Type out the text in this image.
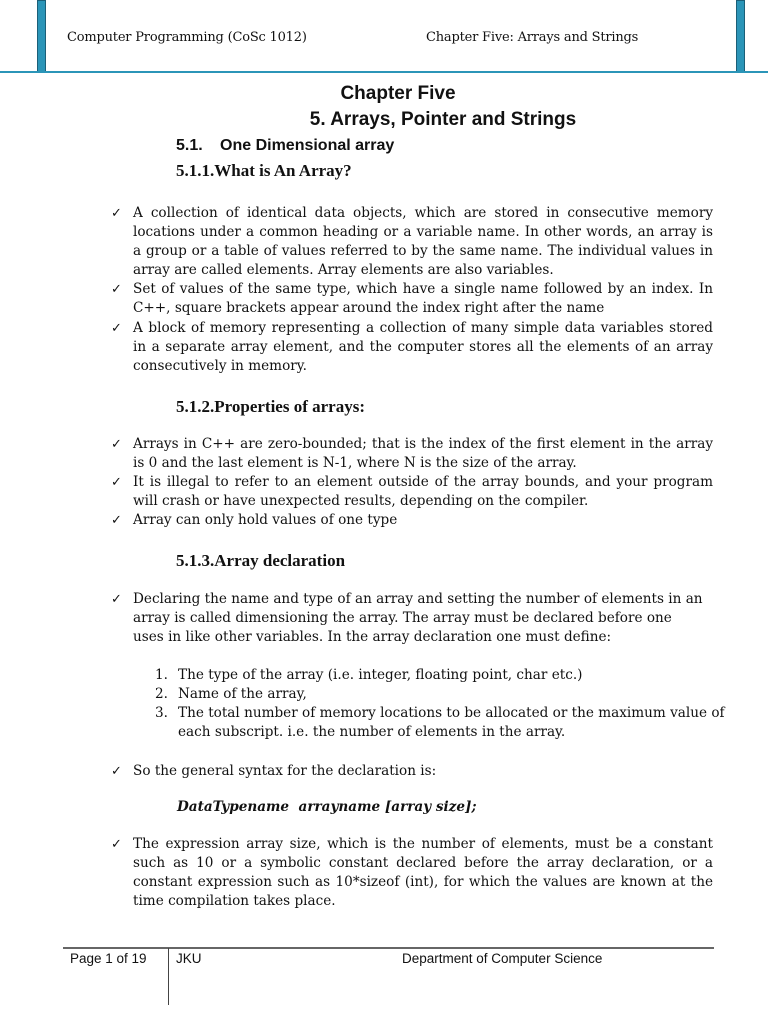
Computer Programming (CoSc 1012)	Chapter Five: Arrays and Strings
Chapter Five
5. Arrays, Pointer and Strings
5.1. One Dimensional array
5.1.1.What is An Array?
✓ A collection of identical data objects, which are stored in consecutive memory locations under a common heading or a variable name. In other words, an array is a group or a table of values referred to by the same name. The individual values in array are called elements. Array elements are also variables.
✓ Set of values of the same type, which have a single name followed by an index. In C++, square brackets appear around the index right after the name
✓ A block of memory representing a collection of many simple data variables stored in a separate array element, and the computer stores all the elements of an array consecutively in memory.
5.1.2.Properties of arrays:
✓ Arrays in C++ are zero-bounded; that is the index of the first element in the array is 0 and the last element is N-1, where N is the size of the array.
✓ It is illegal to refer to an element outside of the array bounds, and your program will crash or have unexpected results, depending on the compiler.
✓ Array can only hold values of one type
5.1.3.Array declaration
✓ Declaring the name and type of an array and setting the number of elements in an array is called dimensioning the array. The array must be declared before one uses in like other variables. In the array declaration one must define:
1. The type of the array (i.e. integer, floating point, char etc.)
2. Name of the array,
3. The total number of memory locations to be allocated or the maximum value of each subscript. i.e. the number of elements in the array.
✓ So the general syntax for the declaration is:
DataTypename  arrayname [array size];
✓ The expression array size, which is the number of elements, must be a constant such as 10 or a symbolic constant declared before the array declaration, or a constant expression such as 10*sizeof (int), for which the values are known at the time compilation takes place.
Page 1 of 19 JKU	Department of Computer Science
